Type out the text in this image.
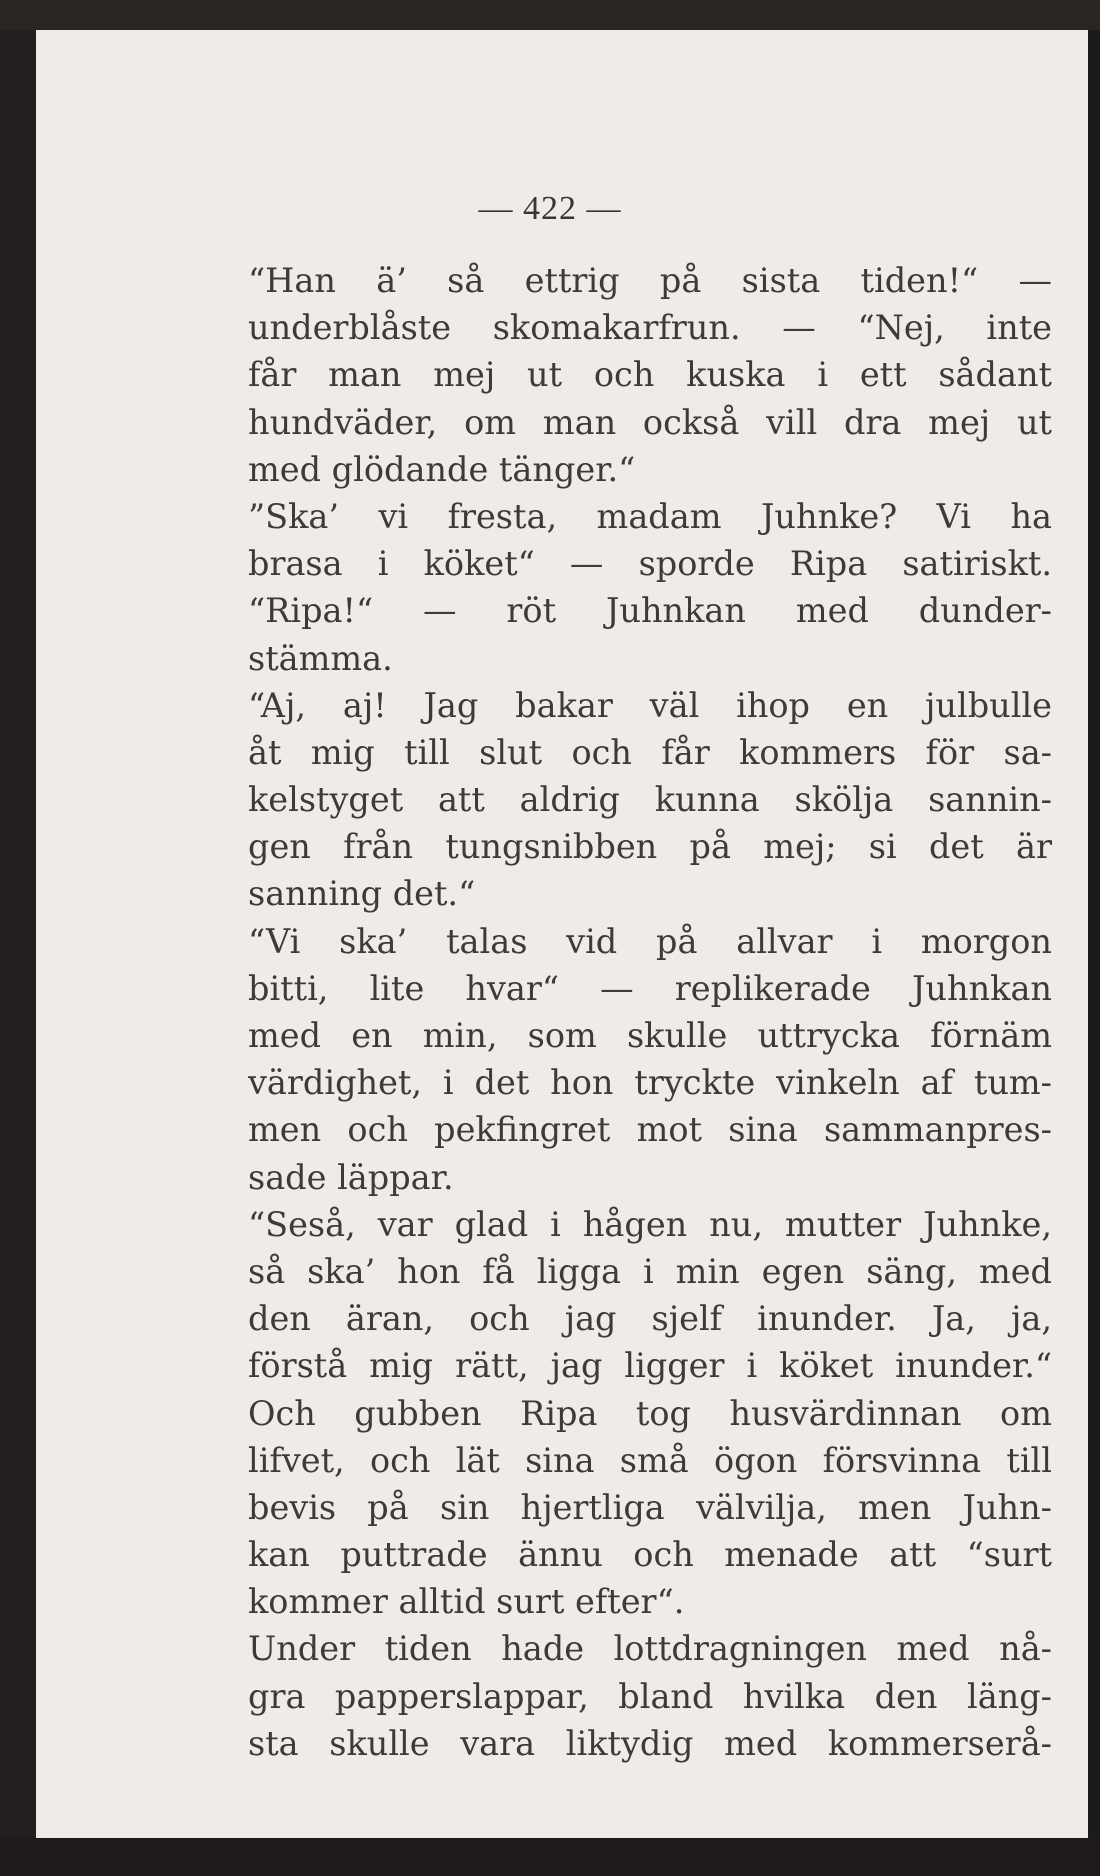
— 422 —
“Han ä’ så ettrig på sista tiden!“ —
underblåste skomakarfrun. — “Nej, inte
får man mej ut och kuska i ett sådant
hundväder, om man också vill dra mej ut
med glödande tänger.“
”Ska’ vi fresta, madam Juhnke? Vi ha
brasa i köket“ — sporde Ripa satiriskt.
“Ripa!“ — röt Juhnkan med dunder-
stämma.
“Aj, aj! Jag bakar väl ihop en julbulle
åt mig till slut och får kommers för sa-
kelstyget att aldrig kunna skölja sannin-
gen från tungsnibben på mej; si det är
sanning det.“
“Vi ska’ talas vid på allvar i morgon
bitti, lite hvar“ — replikerade Juhnkan
med en min, som skulle uttrycka förnäm
värdighet, i det hon tryckte vinkeln af tum-
men och pekfingret mot sina sammanpres-
sade läppar.
“Seså, var glad i hågen nu, mutter Juhnke,
så ska’ hon få ligga i min egen säng, med
den äran, och jag sjelf inunder. Ja, ja,
förstå mig rätt, jag ligger i köket inunder.“
Och gubben Ripa tog husvärdinnan om
lifvet, och lät sina små ögon försvinna till
bevis på sin hjertliga välvilja, men Juhn-
kan puttrade ännu och menade att “surt
kommer alltid surt efter“.
Under tiden hade lottdragningen med nå-
gra papperslappar, bland hvilka den läng-
sta skulle vara liktydig med kommerserå-
